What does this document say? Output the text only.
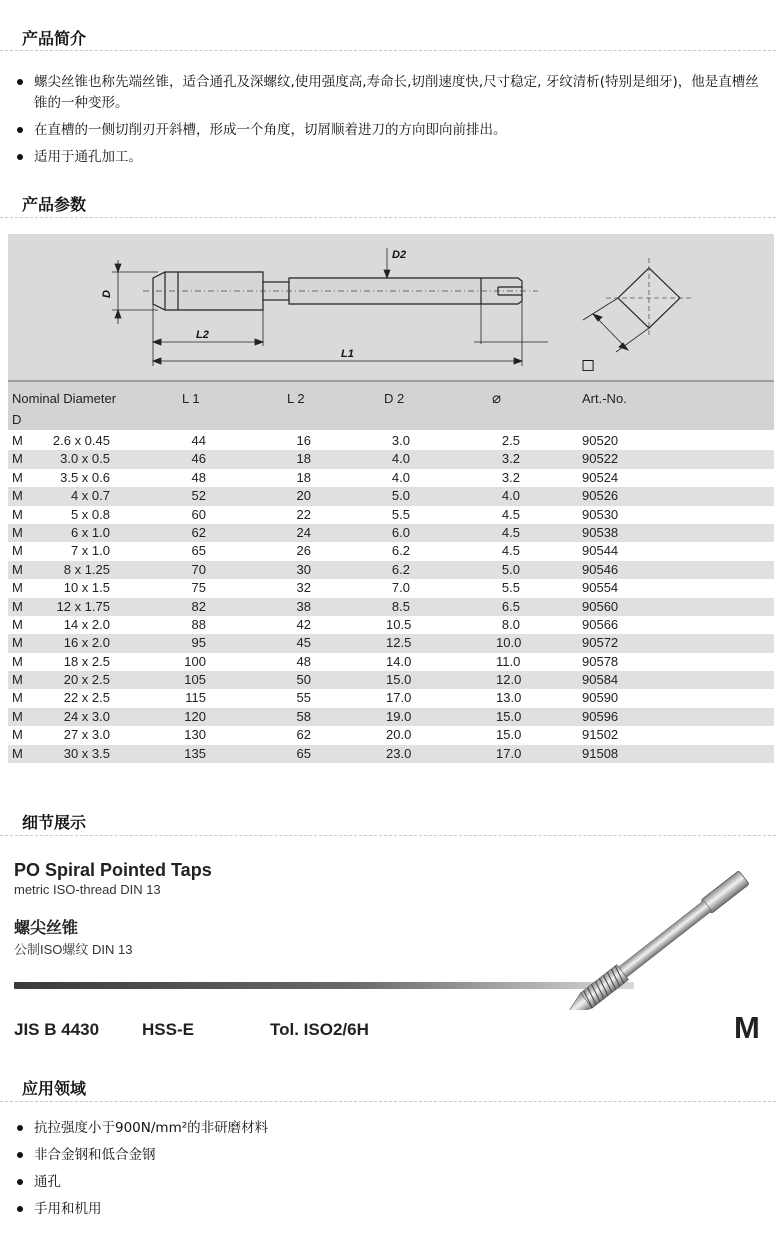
产品简介
螺尖丝锥也称先端丝锥，适合通孔及深螺纹,使用强度高,寿命长,切削速度快,尺寸稳定, 牙纹清析(特别是细牙)，他是直槽丝锥的一种变形。
在直槽的一侧切削刃开斜槽，形成一个角度，切屑顺着进刀的方向即向前排出。
适用于通孔加工。
产品参数
D2
D
L2
L1
◻
Nominal Diameter
D
L 1	L 2	D 2	⌀	Art.-No.
M	2.6 x 0.45	44	16	3.0	2.5	90520
M	3.0 x 0.5	46	18	4.0	3.2	90522
M	3.5 x 0.6	48	18	4.0	3.2	90524
M	4 x 0.7	52	20	5.0	4.0	90526
M	5 x 0.8	60	22	5.5	4.5	90530
M	6 x 1.0	62	24	6.0	4.5	90538
M	7 x 1.0	65	26	6.2	4.5	90544
M	8 x 1.25	70	30	6.2	5.0	90546
M	10 x 1.5	75	32	7.0	5.5	90554
M	12 x 1.75	82	38	8.5	6.5	90560
M	14 x 2.0	88	42	10.5	8.0	90566
M	16 x 2.0	95	45	12.5	10.0	90572
M	18 x 2.5	100	48	14.0	11.0	90578
M	20 x 2.5	105	50	15.0	12.0	90584
M	22 x 2.5	115	55	17.0	13.0	90590
M	24 x 3.0	120	58	19.0	15.0	90596
M	27 x 3.0	130	62	20.0	15.0	91502
M	30 x 3.5	135	65	23.0	17.0	91508
细节展示
PO Spiral Pointed Taps
metric ISO-thread DIN 13
螺尖丝锥
公制ISO螺纹 DIN 13
JIS B 4430	HSS-E	Tol. ISO2/6H	M
应用领域
抗拉强度小于900N/mm²的非研磨材料
非合金钢和低合金钢
通孔
手用和机用
